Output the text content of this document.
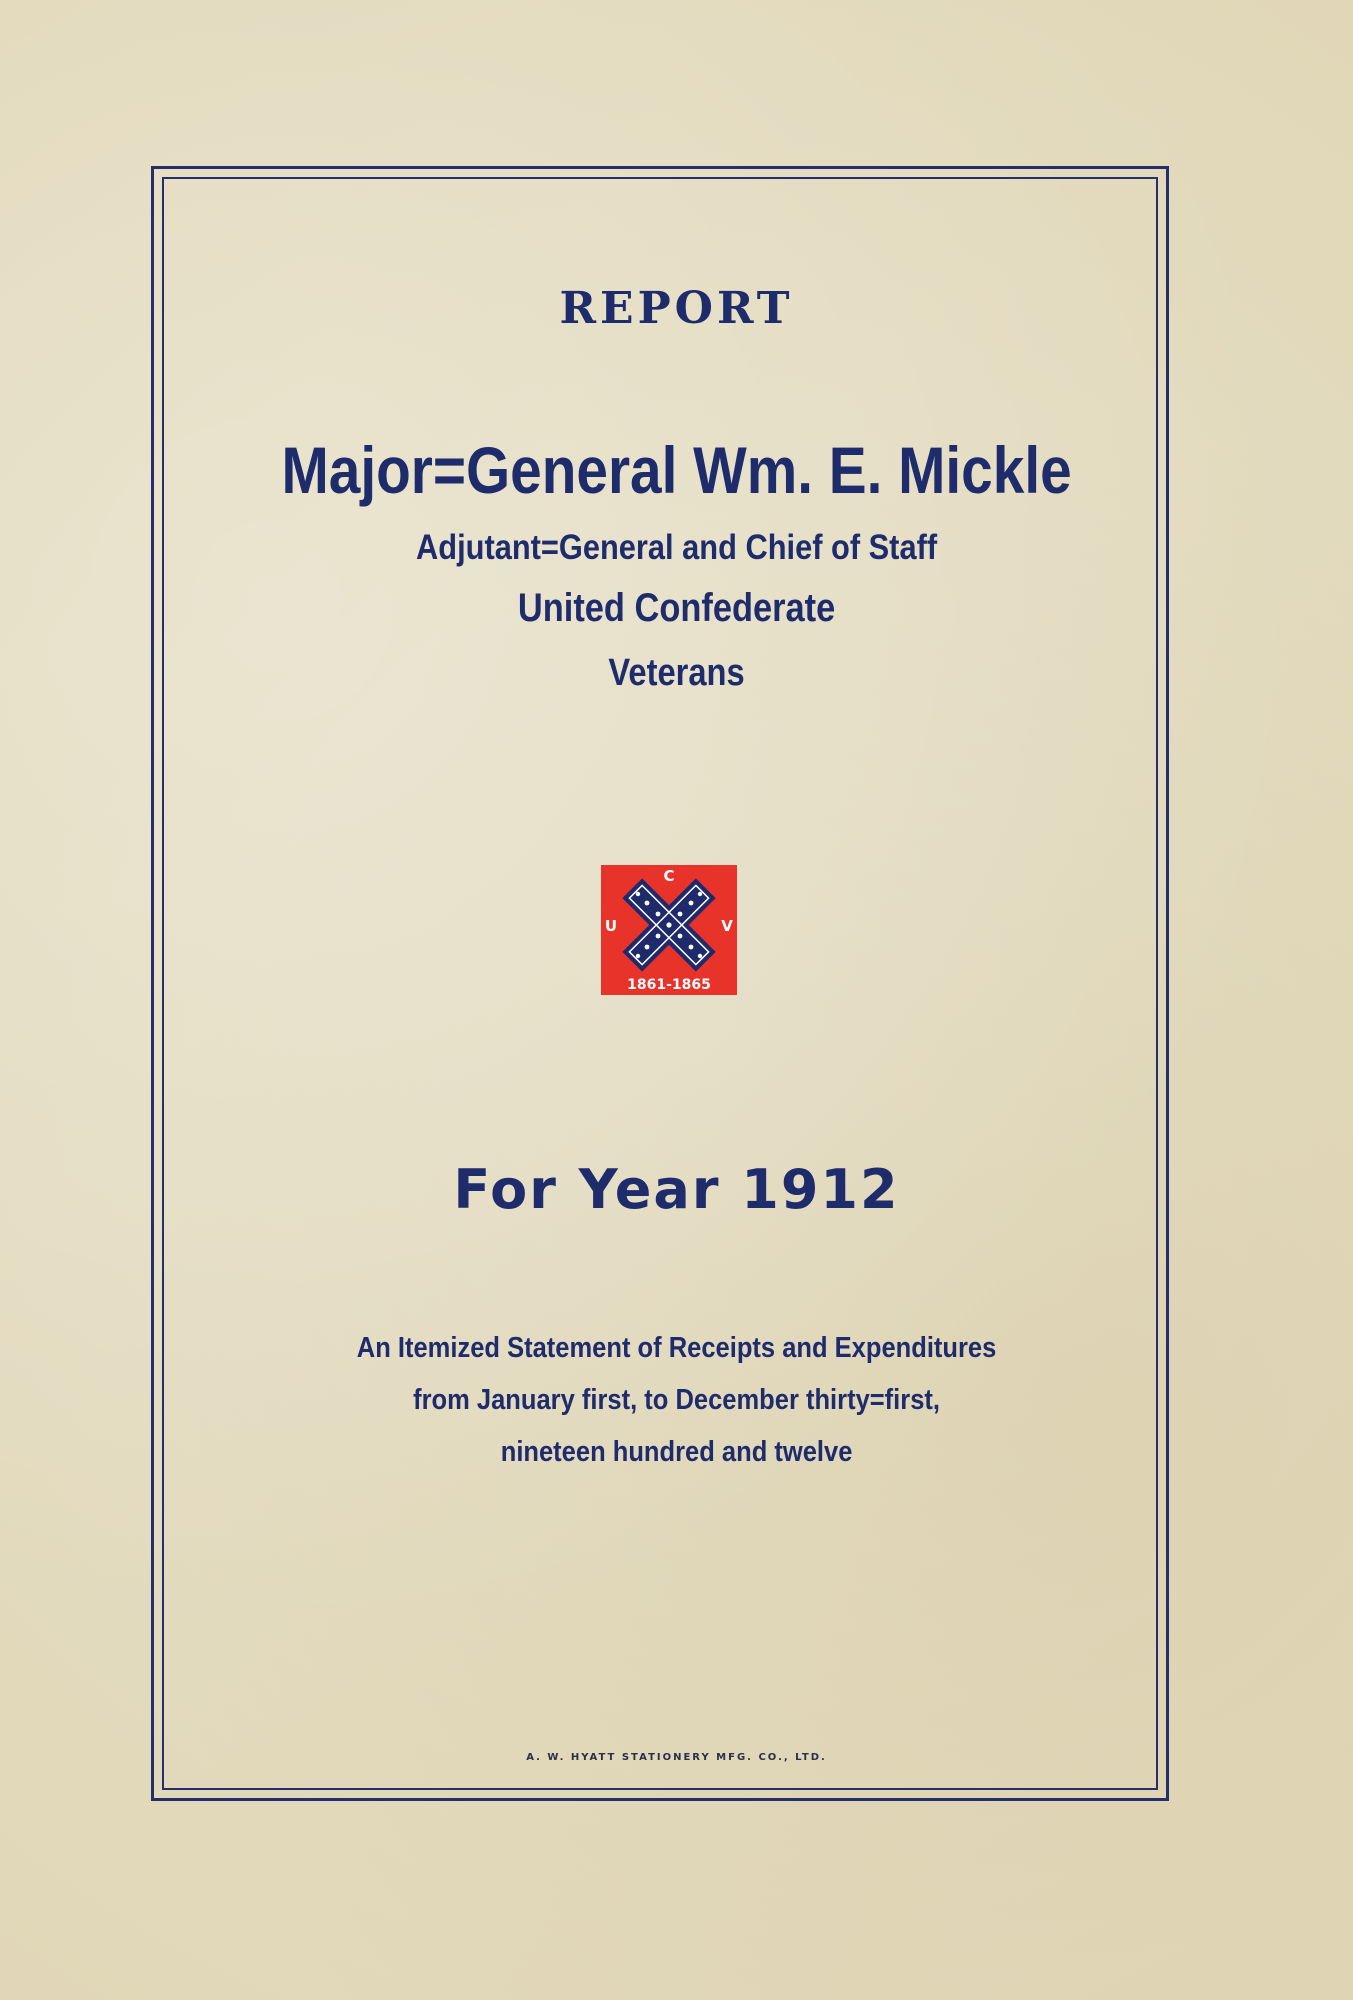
REPORT
Major=General Wm. E. Mickle
Adjutant=General and Chief of Staff
United Confederate
Veterans
C
U	V
1861-1865
For Year 1912
An Itemized Statement of Receipts and Expenditures
from January first, to December thirty=first,
nineteen hundred and twelve
A. W. HYATT STATIONERY MFG. CO., LTD.
